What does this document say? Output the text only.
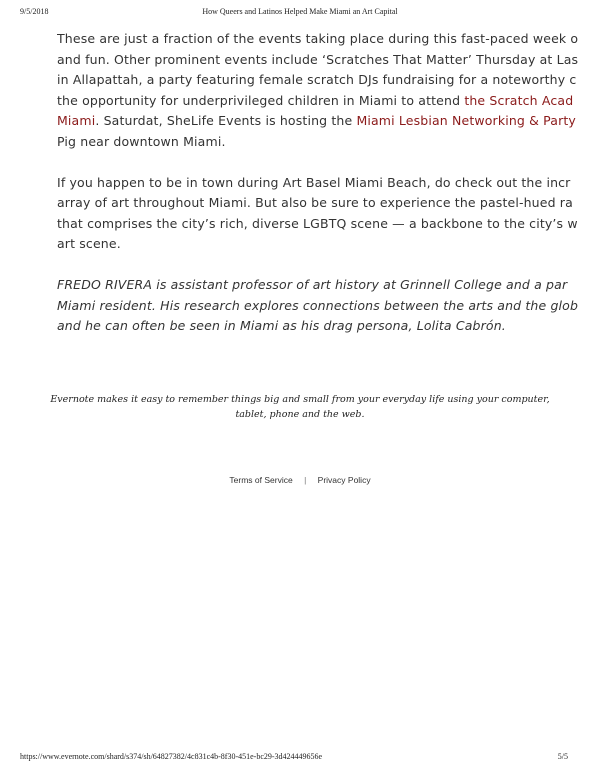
9/5/2018	How Queers and Latinos Helped Make Miami an Art Capital
These are just a fraction of the events taking place during this fast-paced week o
and fun. Other prominent events include ‘Scratches That Matter’ Thursday at Las
in Allapattah, a party featuring female scratch DJs fundraising for a noteworthy c
the opportunity for underprivileged children in Miami to attend the Scratch Acad
Miami. Saturdat, SheLife Events is hosting the Miami Lesbian Networking & Party
Pig near downtown Miami.
If you happen to be in town during Art Basel Miami Beach, do check out the incr
array of art throughout Miami. But also be sure to experience the pastel-hued ra
that comprises the city’s rich, diverse LGBTQ scene — a backbone to the city’s w
art scene.
FREDO RIVERA is assistant professor of art history at Grinnell College and a par
Miami resident. His research explores connections between the arts and the glob
and he can often be seen in Miami as his drag persona, Lolita Cabrón.
Evernote makes it easy to remember things big and small from your everyday life using your computer,
tablet, phone and the web.
Terms of Service | Privacy Policy
https://www.evernote.com/shard/s374/sh/64827382/4c831c4b-8f30-451e-bc29-3d424449656e	5/5
